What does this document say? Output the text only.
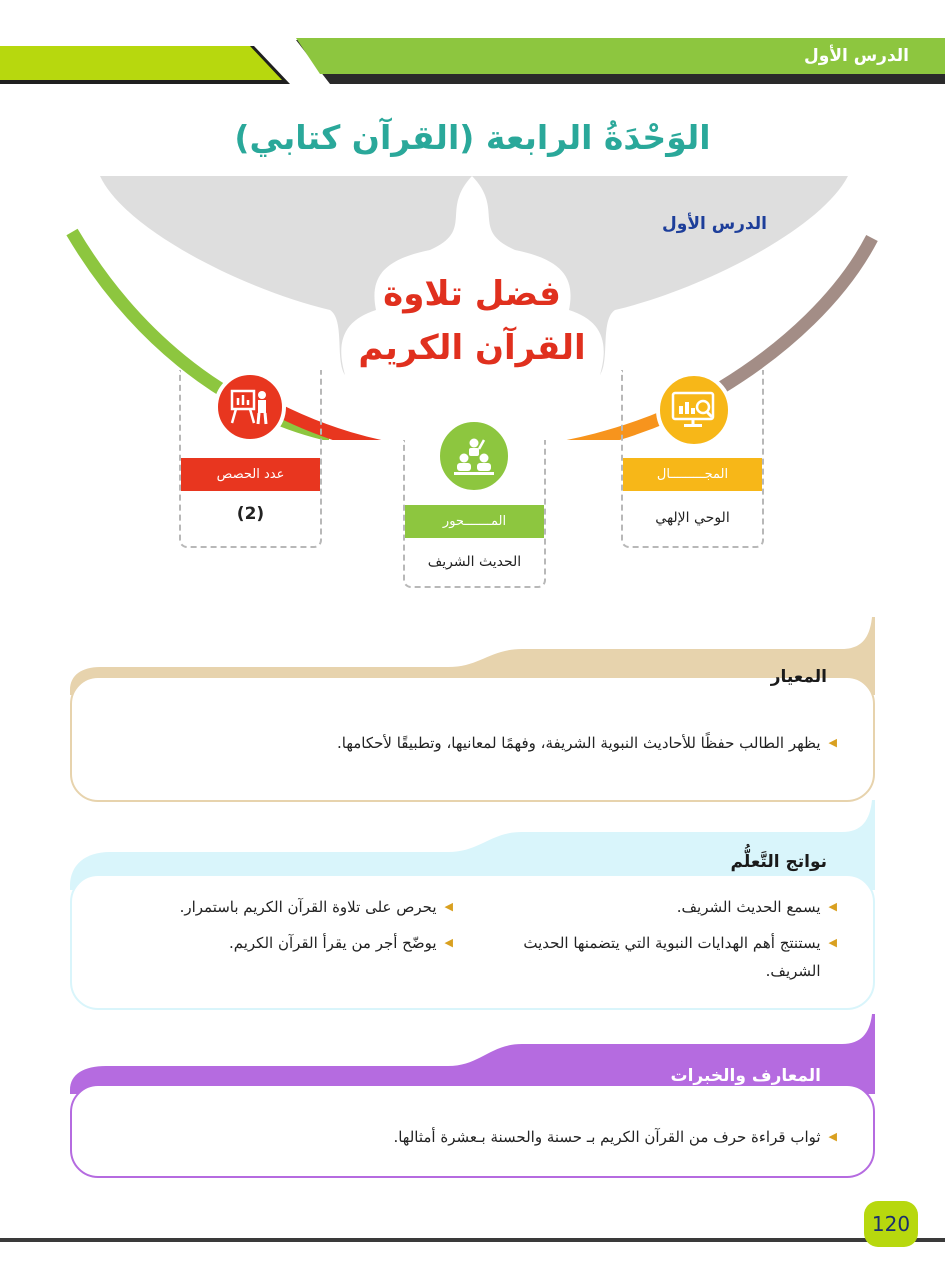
الدرس الأول
الوَحْدَةُ الرابعة (القرآن كتابي)
الدرس الأول
فضل تلاوة
القرآن الكريم
عدد الحصص
(2)	المـــــــحور
الحديث الشريف
المجـــــــــال
الوحي الإلهي
المعيار
◀
يظهر الطالب حفظًا للأحاديث النبوية الشريفة، وفهمًا لمعانيها، وتطبيقًا لأحكامها.
نواتج التَّعلُّم
◀
يسمع الحديث الشريف.
◀
يستنتج أهم الهدايات النبوية التي يتضمنها الحديث الشريف.
◀
يحرص على تلاوة القرآن الكريم باستمرار.
◀
يوضّح أجر من يقرأ القرآن الكريم.
المعارف والخبرات
◀
ثواب قراءة حرف من القرآن الكريم بـ حسنة والحسنة بـعشرة أمثالها.
120
